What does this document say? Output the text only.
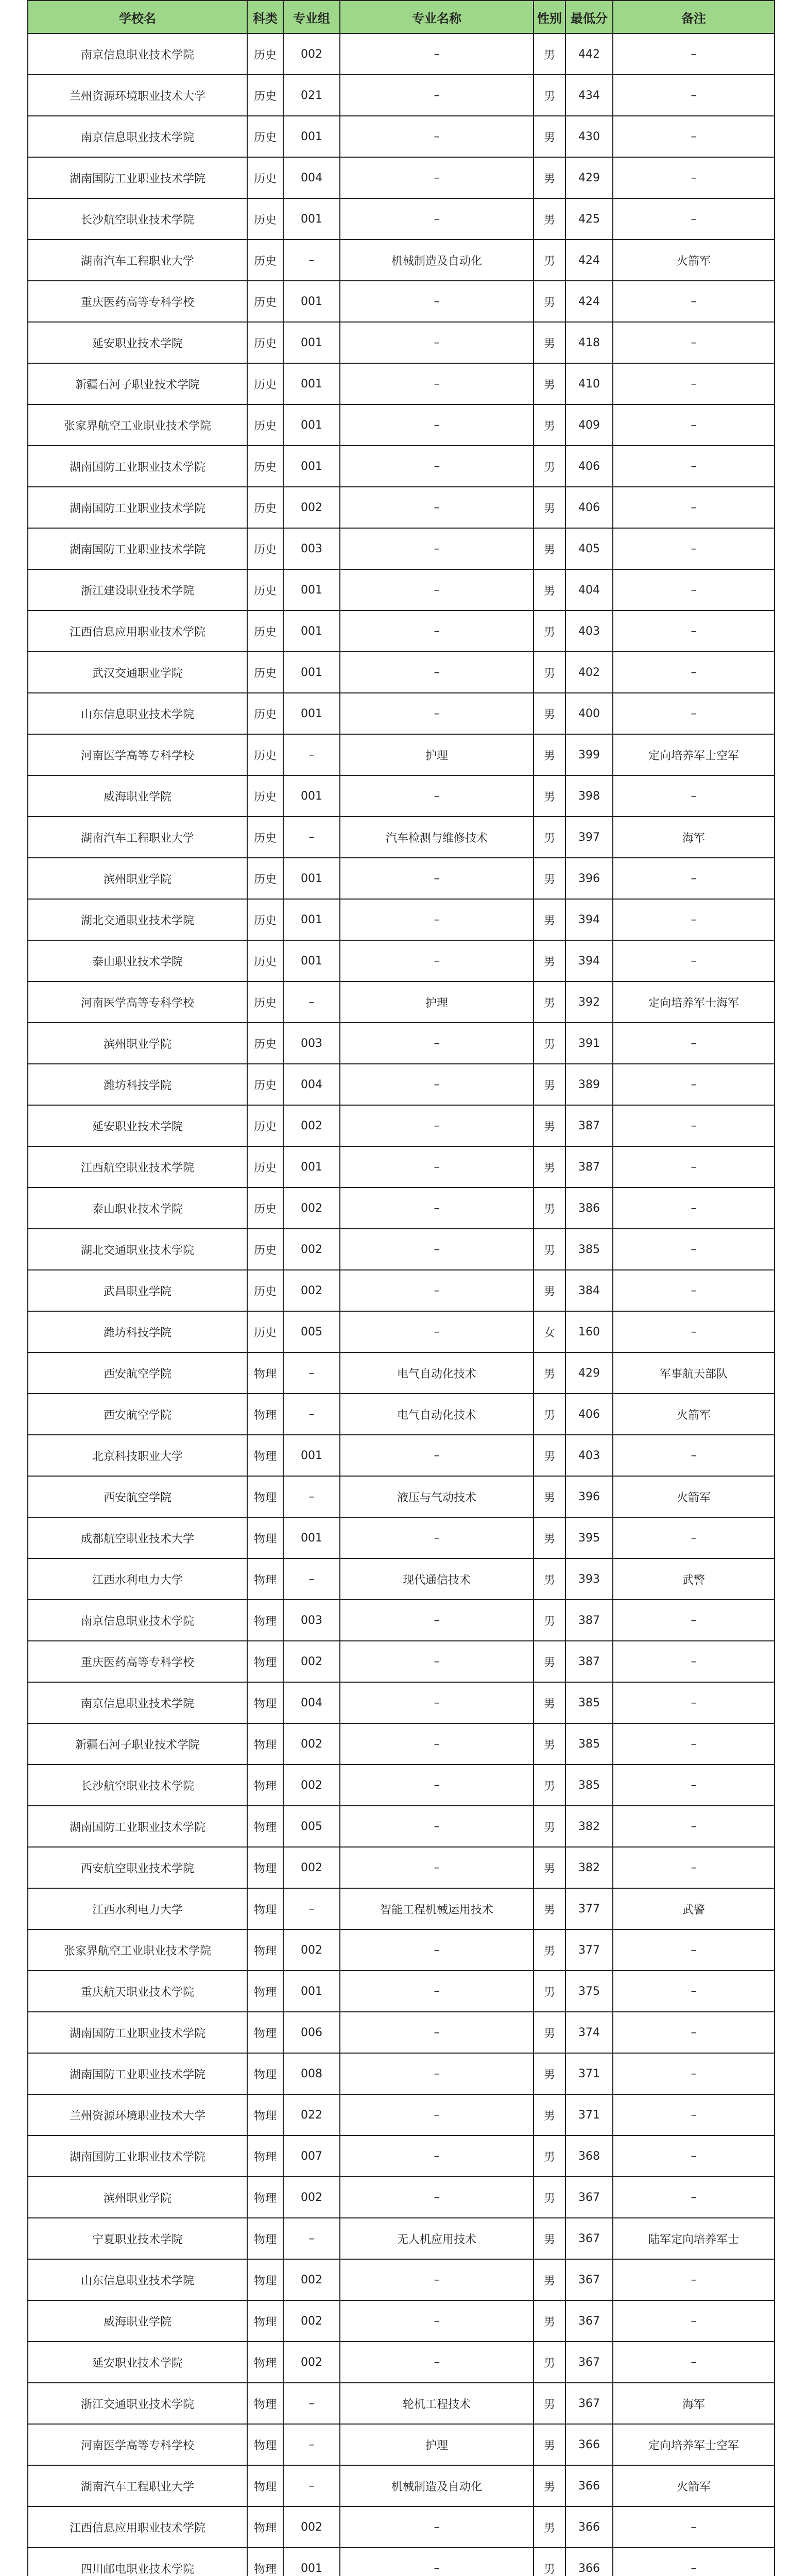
学校名	科类	专业组	专业名称	性别	最低分	备注
南京信息职业技术学院	历史	002	–	男	442	–
兰州资源环境职业技术大学	历史	021	–	男	434	–
南京信息职业技术学院	历史	001	–	男	430	–
湖南国防工业职业技术学院	历史	004	–	男	429	–
长沙航空职业技术学院	历史	001	–	男	425	–
湖南汽车工程职业大学	历史	–	机械制造及自动化	男	424	火箭军
重庆医药高等专科学校	历史	001	–	男	424	–
延安职业技术学院	历史	001	–	男	418	–
新疆石河子职业技术学院	历史	001	–	男	410	–
张家界航空工业职业技术学院	历史	001	–	男	409	–
湖南国防工业职业技术学院	历史	001	–	男	406	–
湖南国防工业职业技术学院	历史	002	–	男	406	–
湖南国防工业职业技术学院	历史	003	–	男	405	–
浙江建设职业技术学院	历史	001	–	男	404	–
江西信息应用职业技术学院	历史	001	–	男	403	–
武汉交通职业学院	历史	001	–	男	402	–
山东信息职业技术学院	历史	001	–	男	400	–
河南医学高等专科学校	历史	–	护理	男	399	定向培养军士空军
威海职业学院	历史	001	–	男	398	–
湖南汽车工程职业大学	历史	–	汽车检测与维修技术	男	397	海军
滨州职业学院	历史	001	–	男	396	–
湖北交通职业技术学院	历史	001	–	男	394	–
泰山职业技术学院	历史	001	–	男	394	–
河南医学高等专科学校	历史	–	护理	男	392	定向培养军士海军
滨州职业学院	历史	003	–	男	391	–
潍坊科技学院	历史	004	–	男	389	–
延安职业技术学院	历史	002	–	男	387	–
江西航空职业技术学院	历史	001	–	男	387	–
泰山职业技术学院	历史	002	–	男	386	–
湖北交通职业技术学院	历史	002	–	男	385	–
武昌职业学院	历史	002	–	男	384	–
潍坊科技学院	历史	005	–	女	160	–
西安航空学院	物理	–	电气自动化技术	男	429	军事航天部队
西安航空学院	物理	–	电气自动化技术	男	406	火箭军
北京科技职业大学	物理	001	–	男	403	–
西安航空学院	物理	–	液压与气动技术	男	396	火箭军
成都航空职业技术大学	物理	001	–	男	395	–
江西水利电力大学	物理	–	现代通信技术	男	393	武警
南京信息职业技术学院	物理	003	–	男	387	–
重庆医药高等专科学校	物理	002	–	男	387	–
南京信息职业技术学院	物理	004	–	男	385	–
新疆石河子职业技术学院	物理	002	–	男	385	–
长沙航空职业技术学院	物理	002	–	男	385	–
湖南国防工业职业技术学院	物理	005	–	男	382	–
西安航空职业技术学院	物理	002	–	男	382	–
江西水利电力大学	物理	–	智能工程机械运用技术	男	377	武警
张家界航空工业职业技术学院	物理	002	–	男	377	–
重庆航天职业技术学院	物理	001	–	男	375	–
湖南国防工业职业技术学院	物理	006	–	男	374	–
湖南国防工业职业技术学院	物理	008	–	男	371	–
兰州资源环境职业技术大学	物理	022	–	男	371	–
湖南国防工业职业技术学院	物理	007	–	男	368	–
滨州职业学院	物理	002	–	男	367	–
宁夏职业技术学院	物理	–	无人机应用技术	男	367	陆军定向培养军士
山东信息职业技术学院	物理	002	–	男	367	–
威海职业学院	物理	002	–	男	367	–
延安职业技术学院	物理	002	–	男	367	–
浙江交通职业技术学院	物理	–	轮机工程技术	男	367	海军
河南医学高等专科学校	物理	–	护理	男	366	定向培养军士空军
湖南汽车工程职业大学	物理	–	机械制造及自动化	男	366	火箭军
江西信息应用职业技术学院	物理	002	–	男	366	–
四川邮电职业技术学院	物理	001	–	男	366	–
